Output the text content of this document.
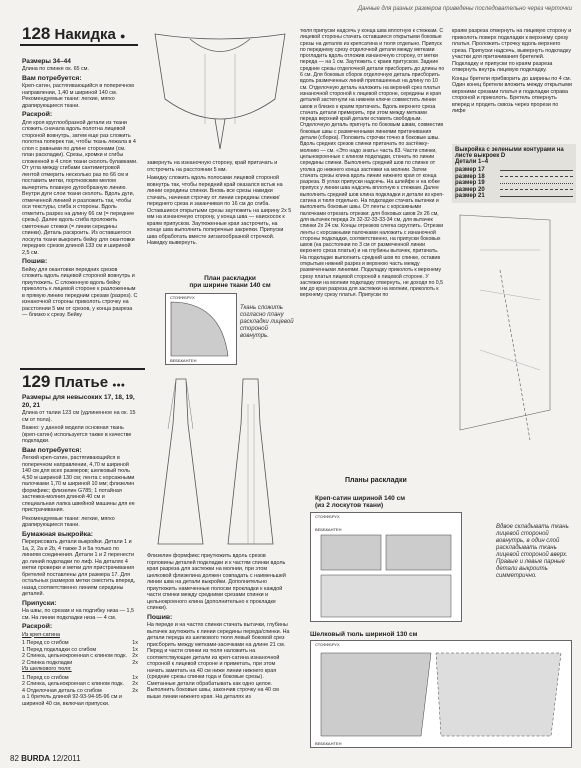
Данные для разных размеров приведены последовательно через черточки
128 Накидка ●
Размеры 34–44

Длина по спинке ок. 65 см.

Вам потребуется:

Креп-сатин, растягивающийся в поперечном направлении, 1,40 м шириной 140 см. Рекомендуемые ткани: легкие, мягко драпирующиеся ткани.

Раскрой:

Для кроя круглообразной детали из ткани сложить сначала вдоль полотна лицевой стороной вовнутрь, затем еще раз сложить полотна поперек так, чтобы ткань лежала в 4 слоя с равными по длине сторонами (см. план раскладки). Срезы, кромки и сгибы сложенной в 4 слоя ткани сколоть булавками. От угла между сгибами сантиметровой лентой отмерить несколько раз по 66 см и поставить метки, портновским мелом вычертить плавную дугообразную линию. Внутри дуги слои ткани сколоть. Вдоль дуги, отмеченной линией и разложить так, чтобы оси текстуры, сгиба и стороны. Вдоль отметить разрез на длину 66 см (= переднее срезы). Далее вдоль сгиба проложить сметочные стежки (= линии середины спинки). Деталь раскроить. Из оставшегося лоскута ткани выкроить бейку для окантовки передних срезов длиной 133 см и шириной 2,5 см.

Пошив:

Бейку для окантовки передних срезов сложить вдоль лицевой стороной вовнутрь и приутюжить. С сложенную вдоль бейку приколоть к лицевой стороне к разложенным в прямую линию передним срезам (разрез). С изнаночной стороны приколоть строчку на расстоянии 5 мм от срезов, у конца разреза — близко к срезу. Бейку

завернуть на изнаночную сторону, край притачать и отстрочить на расстоянии 5 мм.

Накидку сложить вдоль полосами лицевой стороной вовнутрь так, чтобы передний край оказался встык на линии середины спинки. Вновь все срезы накидки стачать, начиная строчку от линии середины спинки/переднего среза и заканчивая по 16 см до сгиба. Оставшиеся открытыми срезы заутюжить на ширину 2х 5 мм на изнаночную сторону, у конца шва — наискосок к краям припусков. Заутюженные края застрочить, на конце шва выполнить поперечные закрепки. Припуски шва обработать вместе зигзагообразной строчкой. Накидку вывернуть.

План раскладки
при ширине ткани 140 см
СТОФФБРУХ
ВЕББКАНТЕН
Ткань сложить согласно плану раскладки лицевой стороной вовнутрь.
129 Платье ●●●
Размеры для невысоких 17, 18, 19, 20, 21

Длина от талии 123 см (удлиненное на ок. 15 см от пола).

Важно: у данной модели основная ткань (креп-сатин) используется также в качестве подкладки.

Вам потребуется:

Легкий креп-сатин, растягивающийся в поперечном направлении, 4,70 м шириной 140 см для всех размеров; шелковый тюль 4,50 м шириной 130 см; лента с корсажными палочками 1,70 м шириной 10 мм; флизелин формфикс; флизелин G785; 1 потайная застежка-молния длиной 40 см и специальная лапка швейной машины для ее пристрачивания.

Рекомендуемые ткани: легкие, мягко драпирующиеся ткани.

Бумажная выкройка:

Перерисовать детали выкройки. Детали 1 и 1а, 2, 2а и 2b, 4 также 3 и 5а только по линиям соединения. Детали 1 и 2 перенести до линий подкладки по лиф. На деталях 4 метки проверки и метки для пристрачивания бретелей поставлены для размера 17. Для остальных размеров метки сместить вперед, назад соответственно линиям середины деталей.

Припуски:

На швы, по срезам и на подгибку низа — 1,5 см. На линии подкладки низа — 4 см.

Раскрой:

Из креп-сатина

1 Перед со сгибом	1x
1 Перед подкладки со сгибом	1x
2 Спинка, цельнокроенная с клином подк. 2x
2 Спинка подкладки	2x

Из шелкового тюля:

1 Перед со сгибом	1x
2 Спинка, цельнокроеная с клином подк. 2x
4 Отделочная деталь со сгибом	2x

а 1 бретель длиной 92-93-94-95-96 см и шириной 40 см, включая припуски.

Флизелин формфикс приутюжить вдоль срезов горловины деталей подкладки и к частям спинки вдоль края разреза для застежки на молнии, при этом шелковой флизелина должен совпадать с наименьшей линии шва на детали выкройки. Дополнительно приутюжить намеченные полоски прокладки к каждой части спинки между средними срезами спинки и цельнокроеного клина (дополнительно к прокладке спинки).

Пошив:

На переде и на частях спинки стачать вытачки, глубины вытачек заутюжить к линии середины переда/спинки. На детали переда из шелкового тюля левый боковой срез присборить между метками-засечками на длине 21 см. Перед и части спинки из тюля наложить на соответствующие детали из креп-сатина изнаночной стороной к лицевой стороне и приметать, при этом начать заметать на 40 см ниже линии нижнего края (средние срезы спинки года и боковые срезы). Сметанные детали обрабатывать как одно целое. Выполнить боковые швы, закончив строчку на 40 см выше линии нижнего края. На деталях из

тюля припуски надсечь у конца шва вплотную к стежкам. С лицевой стороны стачать оставшиеся открытыми боковые срезы на деталях из крепсатина и тюля отдельно. Припуск по переднему срезу отделочной детали между метками прогладить вдоль отложив изнаночную сторону, от метки переда — на 1 см. Заутюжить с краев притуском. Задние средние срезы отделочной детали присборить до длины по 6 см. Для боковых сборок отделочную деталь присборить вдоль размеченных линий приглашенных на длину по 10 см. Отделочную деталь наложить на верхний срез платья изнаночной стороной к лицевой стороне, середины и края деталей застегнули на нижнем ключе совместить линии швов и близко к краям притачать. Вдоль верхнего среза стачать детали примерить, при этом между метками переда верхний край детали оставить свободным. Отделочную деталь пригнуть по боковым швам, совместив боковые швы с размеченными линиями притачивания детали (сборка). Положить строчки точно в боковые швы. Вдоль средних срезов спинки притачать по застёжку-молнию — см. «Это надо знать» часть 83. Части спинки, цельнокроенные с клином подкладки, стачать по линии середины спинки. Выполнить средний шов по спинке от уголка до нижнего конца застежки на молнии. Затем стачать срезы клина вдоль линии нижнего края от конца разреза. В углах припуски надсечь. На шлейфе и на юбке припуск у линии шва надсечь вплотную к стежкам. Далее выполнить средний шов клина подкладки и детали из креп-сатина и тюля отдельно. На подкладке стачать вытачки и выполнить боковые швы. От ленты с корсажными палочками отрезать отрезки: для боковых швов 2х 26 см, для вытачек переда 2х 32-32-33-33-34 см, для вытачек спинки 2х 24 см. Концы отрезков слегка скруглить. Отрезки ленты с корсажными палочками наложить с изнаночной стороны подкладки, соответственно, на припуски боковых швов (на расстоянии по 3 см от размеченной линии верхнего среза платья) и на глубины вытачек, притачать. На подкладке выполнить средний шов по спинке, оставив открытым нижний разрез и верхнюю часть между размеченными линиями. Подкладку приколоть к верхнему срезу платья лицевой стороной к лицевой стороне. У застежки на молнии подкладку отвернуть, не доходя по 0,5 мм до края разреза для застежки на молнии, приколоть к верхнему срезу платья. Припуски по

краям разреза отвернуть на лицевую сторону и приколоть поверх подкладки к верхнему срезу платья. Проложить строчку вдоль верхнего среза. Припуски надсечь, вывернуть подкладку участки для притачивания бретелей. Подкладку и припуски по краям разреза отвернуть внутрь лицевую подкладку.

Концы бретели прибворить до ширины по 4 см. Один конец бретели вложить между открытыми верхними срезами платья и подкладки справа стороной и приколоть. Бретель отвернуть вперед и продеть сквозь через прорези по лифе

Выкройка с зелеными контурами на листе выкроек D
Детали 1–4
размер 17
размер 18
размер 19
размер 20
размер 21
Планы раскладки
Креп-сатин шириной 140 см
(из 2 лоскутов ткани)
СТОФФБРУХ
ВЕББКАНТЕН	Вдвое складывать ткань лицевой стороной вовнутрь, в один слой раскладывать ткань лицевой стороной вверх. Правые и левые парные детали выкроить симметрично.
Шелковый тюль шириной 130 см
СТОФФБРУХ
ВЕББКАНТЕН
82 BURDA 12/2011
